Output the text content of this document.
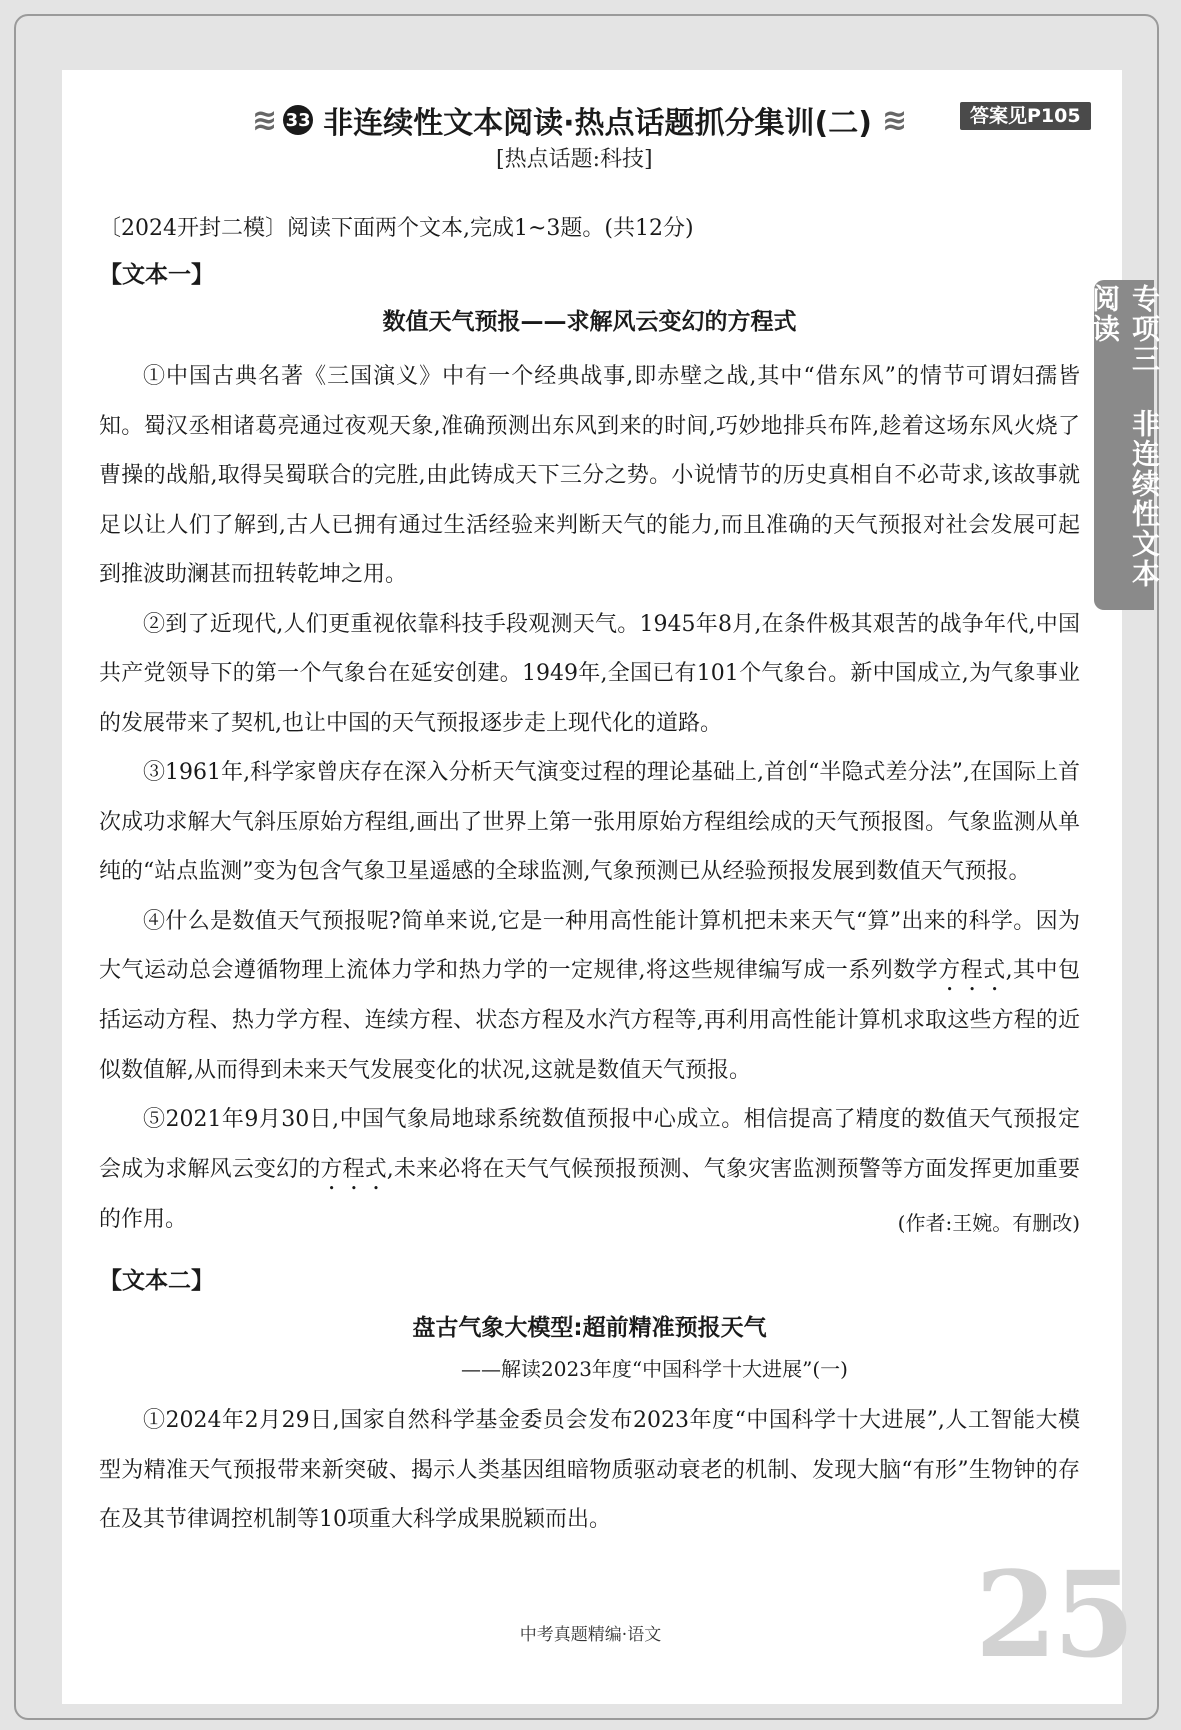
≋ 33 非连续性文本阅读·热点话题抓分集训(二) ≋	答案见P105
[热点话题:科技]
专项三 非连续性文本阅读

〔2024开封二模〕阅读下面两个文本,完成1~3题。(共12分)

【文本一】
数值天气预报——求解风云变幻的方程式

①中国古典名著《三国演义》中有一个经典战事,即赤壁之战,其中“借东风”的情节可谓妇孺皆知。蜀汉丞相诸葛亮通过夜观天象,准确预测出东风到来的时间,巧妙地排兵布阵,趁着这场东风火烧了曹操的战船,取得吴蜀联合的完胜,由此铸成天下三分之势。小说情节的历史真相自不必苛求,该故事就足以让人们了解到,古人已拥有通过生活经验来判断天气的能力,而且准确的天气预报对社会发展可起到推波助澜甚而扭转乾坤之用。

②到了近现代,人们更重视依靠科技手段观测天气。1945年8月,在条件极其艰苦的战争年代,中国共产党领导下的第一个气象台在延安创建。1949年,全国已有101个气象台。新中国成立,为气象事业的发展带来了契机,也让中国的天气预报逐步走上现代化的道路。

③1961年,科学家曾庆存在深入分析天气演变过程的理论基础上,首创“半隐式差分法”,在国际上首次成功求解大气斜压原始方程组,画出了世界上第一张用原始方程组绘成的天气预报图。气象监测从单纯的“站点监测”变为包含气象卫星遥感的全球监测,气象预测已从经验预报发展到数值天气预报。

④什么是数值天气预报呢?简单来说,它是一种用高性能计算机把未来天气“算”出来的科学。因为大气运动总会遵循物理上流体力学和热力学的一定规律,将这些规律编写成一系列数学方程式,其中包括运动方程、热力学方程、连续方程、状态方程及水汽方程等,再利用高性能计算机求取这些方程的近似数值解,从而得到未来天气发展变化的状况,这就是数值天气预报。

⑤2021年9月30日,中国气象局地球系统数值预报中心成立。相信提高了精度的数值天气预报定会成为求解风云变幻的方程式,未来必将在天气气候预报预测、气象灾害监测预警等方面发挥更加重要的作用。	(作者:王婉。有删改)
【文本二】
盘古气象大模型:超前精准预报天气
——解读2023年度“中国科学十大进展”(一)

①2024年2月29日,国家自然科学基金委员会发布2023年度“中国科学十大进展”,人工智能大模型为精准天气预报带来新突破、揭示人类基因组暗物质驱动衰老的机制、发现大脑“有形”生物钟的存在及其节律调控机制等10项重大科学成果脱颖而出。

25
中考真题精编·语文
